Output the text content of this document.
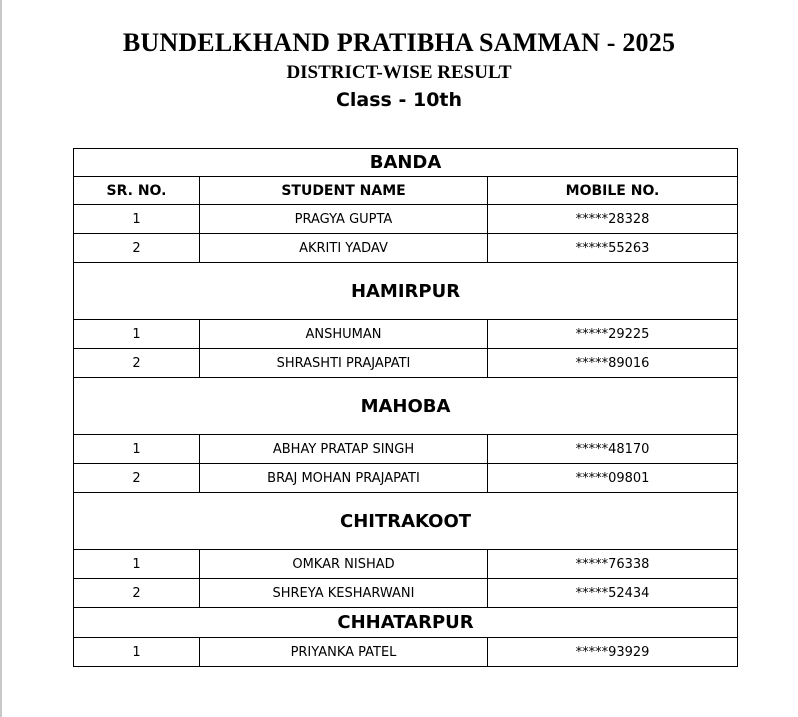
BUNDELKHAND PRATIBHA SAMMAN - 2025
DISTRICT-WISE RESULT
Class - 10th
BANDA		
SR. NO.	STUDENT NAME	MOBILE NO.
1	PRAGYA GUPTA	*****28328
2	AKRITI YADAV	*****55263
HAMIRPUR		
1	ANSHUMAN	*****29225
2	SHRASHTI PRAJAPATI	*****89016
MAHOBA		
1	ABHAY PRATAP SINGH	*****48170
2	BRAJ MOHAN PRAJAPATI	*****09801
CHITRAKOOT		
1	OMKAR NISHAD	*****76338
2	SHREYA KESHARWANI	*****52434
CHHATARPUR		
1	PRIYANKA PATEL	*****93929
